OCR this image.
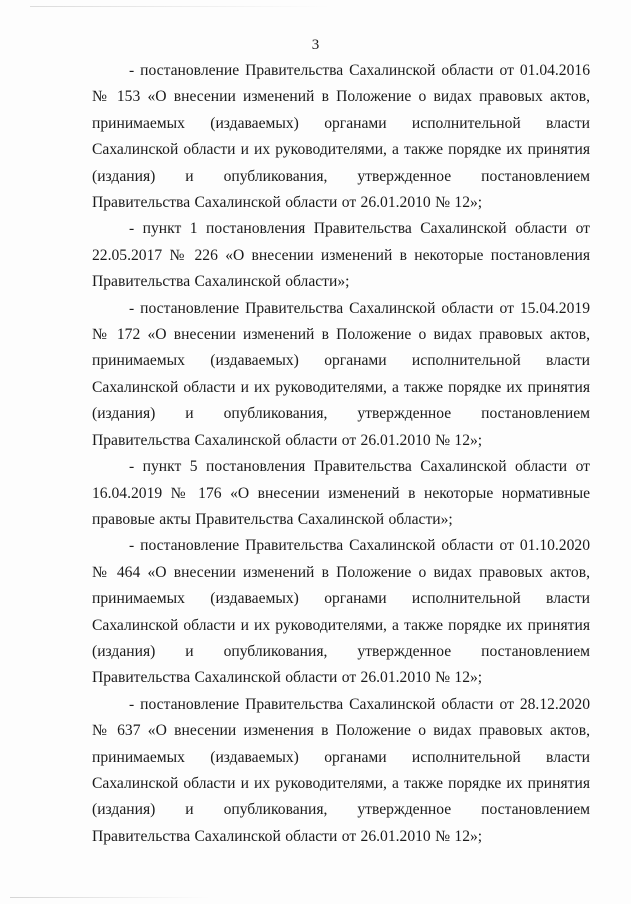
3

- постановление Правительства Сахалинской области от 01.04.2016 № 153 «О внесении изменений в Положение о видах правовых актов, принимаемых (издаваемых) органами исполнительной власти Сахалинской области и их руководителями, а также порядке их принятия (издания) и опубликования, утвержденное постановлением Правительства Сахалинской области от 26.01.2010 № 12»;

- пункт 1 постановления Правительства Сахалинской области от 22.05.2017 № 226 «О внесении изменений в некоторые постановления Правительства Сахалинской области»;

- постановление Правительства Сахалинской области от 15.04.2019 № 172 «О внесении изменений в Положение о видах правовых актов, принимаемых (издаваемых) органами исполнительной власти Сахалинской области и их руководителями, а также порядке их принятия (издания) и опубликования, утвержденное постановлением Правительства Сахалинской области от 26.01.2010 № 12»;

- пункт 5 постановления Правительства Сахалинской области от 16.04.2019 № 176 «О внесении изменений в некоторые нормативные правовые акты Правительства Сахалинской области»;

- постановление Правительства Сахалинской области от 01.10.2020 № 464 «О внесении изменений в Положение о видах правовых актов, принимаемых (издаваемых) органами исполнительной власти Сахалинской области и их руководителями, а также порядке их принятия (издания) и опубликования, утвержденное постановлением Правительства Сахалинской области от 26.01.2010 № 12»;

- постановление Правительства Сахалинской области от 28.12.2020 № 637 «О внесении изменения в Положение о видах правовых актов, принимаемых (издаваемых) органами исполнительной власти Сахалинской области и их руководителями, а также порядке их принятия (издания) и опубликования, утвержденное постановлением Правительства Сахалинской области от 26.01.2010 № 12»;
